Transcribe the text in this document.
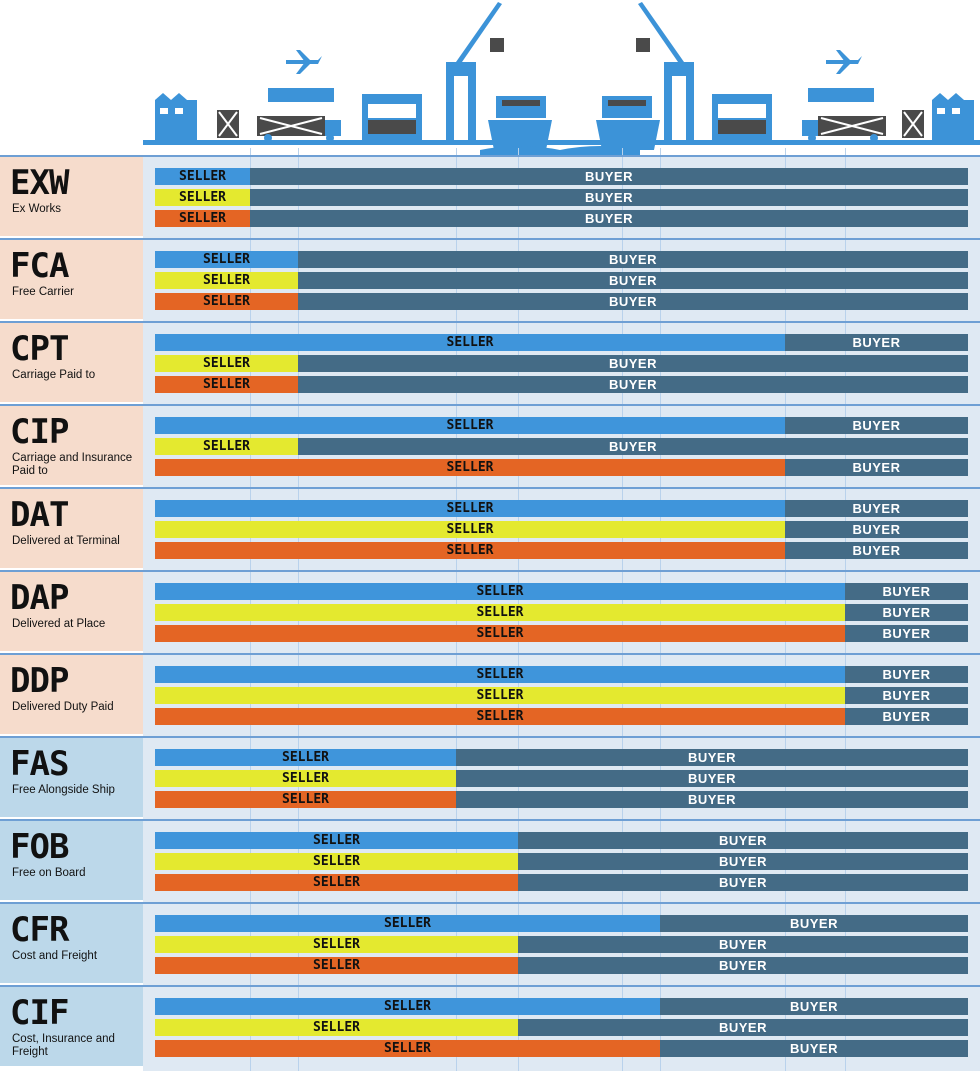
EXW
Ex Works
SELLER	BUYER
SELLER	BUYER
SELLER	BUYER
FCA
Free Carrier
SELLER	BUYER
SELLER	BUYER
SELLER	BUYER
CPT
Carriage Paid to
SELLER	BUYER
SELLER	BUYER
SELLER	BUYER
CIP
Carriage and Insurance Paid to
SELLER	BUYER
SELLER	BUYER
SELLER	BUYER
DAT
Delivered at Terminal
SELLER	BUYER
SELLER	BUYER
SELLER	BUYER
DAP
Delivered at Place
SELLER	BUYER
SELLER	BUYER
SELLER	BUYER
DDP
Delivered Duty Paid
SELLER	BUYER
SELLER	BUYER
SELLER	BUYER
FAS
Free Alongside Ship
SELLER	BUYER
SELLER	BUYER
SELLER	BUYER
FOB
Free on Board
SELLER	BUYER
SELLER	BUYER
SELLER	BUYER
CFR
Cost and Freight
SELLER	BUYER
SELLER	BUYER
SELLER	BUYER
CIF
Cost, Insurance and Freight
SELLER	BUYER
SELLER	BUYER
SELLER	BUYER
